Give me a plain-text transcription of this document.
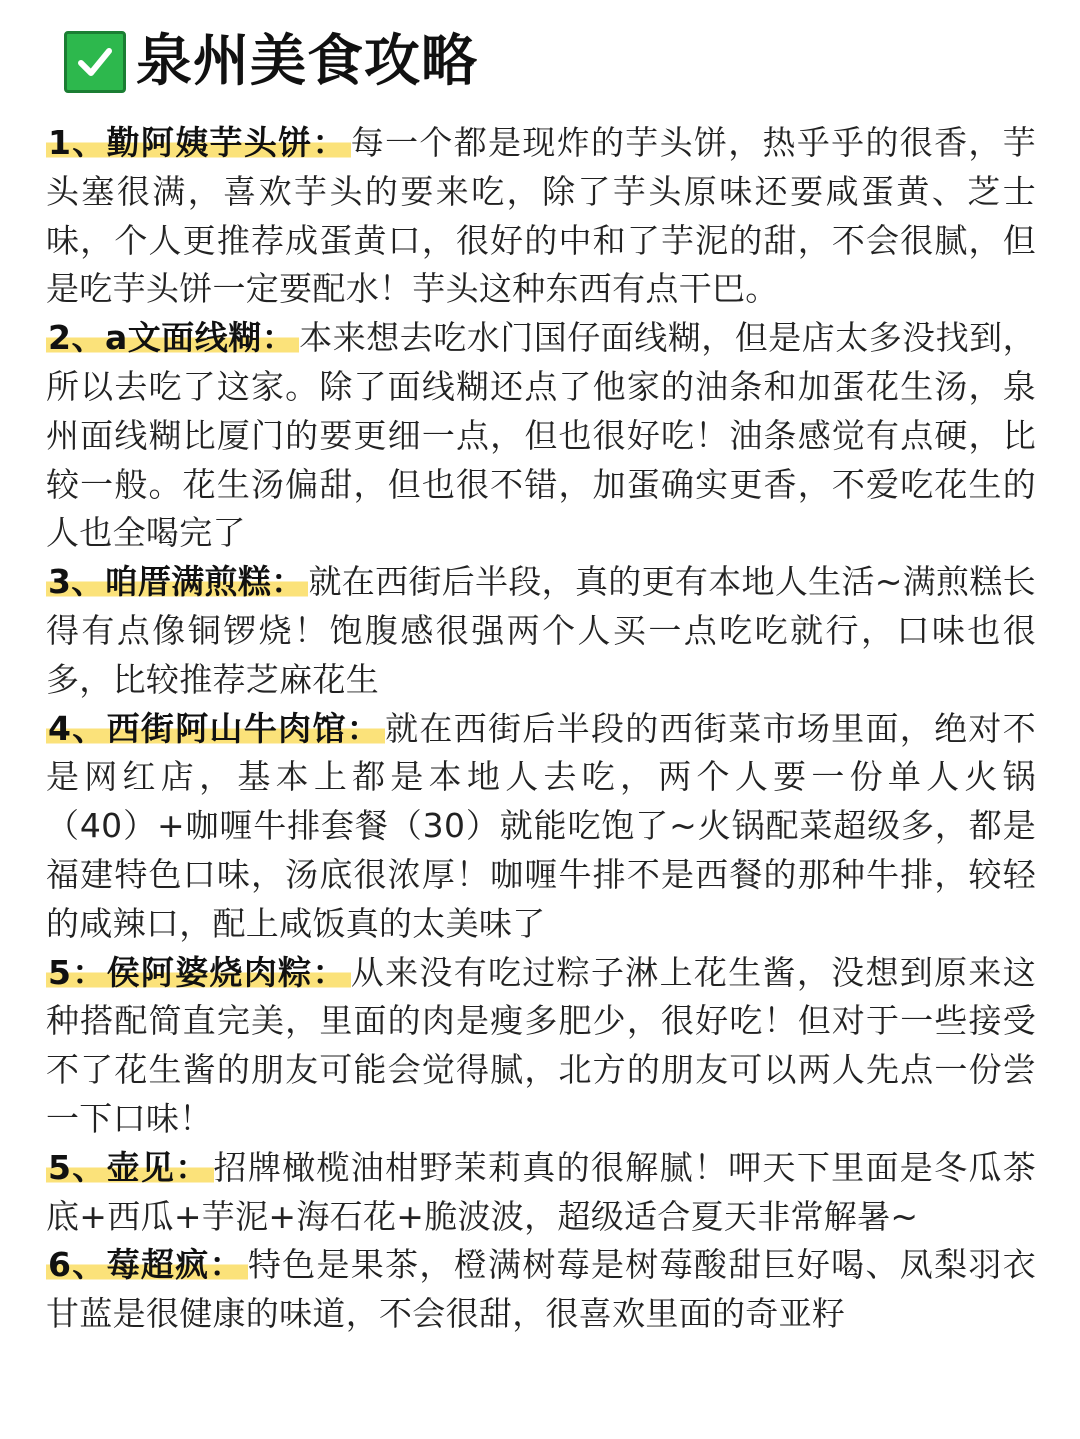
泉州美食攻略

1、勤阿姨芋头饼： 每一个都是现炸的芋头饼，热乎乎的很香，芋头塞很满，喜欢芋头的要来吃，除了芋头原味还要咸蛋黄、芝士味，个人更推荐成蛋黄口，很好的中和了芋泥的甜，不会很腻，但是吃芋头饼一定要配水！芋头这种东西有点干巴。

2、a文面线糊： 本来想去吃水门国仔面线糊，但是店太多没找到，所以去吃了这家。除了面线糊还点了他家的油条和加蛋花生汤，泉州面线糊比厦门的要更细一点，但也很好吃！油条感觉有点硬，比较一般。花生汤偏甜，但也很不错，加蛋确实更香，不爱吃花生的人也全喝完了

3、咱厝满煎糕： 就在西街后半段，真的更有本地人生活~满煎糕长得有点像铜锣烧！饱腹感很强两个人买一点吃吃就行，口味也很多，比较推荐芝麻花生

4、西街阿山牛肉馆： 就在西街后半段的西街菜市场里面，绝对不是网红店，基本上都是本地人去吃，两个人要一份单人火锅（40）+咖喱牛排套餐（30）就能吃饱了~火锅配菜超级多，都是福建特色口味，汤底很浓厚！咖喱牛排不是西餐的那种牛排，较轻的咸辣口，配上咸饭真的太美味了

5：侯阿婆烧肉粽： 从来没有吃过粽子淋上花生酱，没想到原来这种搭配简直完美，里面的肉是瘦多肥少，很好吃！但对于一些接受不了花生酱的朋友可能会觉得腻，北方的朋友可以两人先点一份尝一下口味！

5、壶见： 招牌橄榄油柑野茉莉真的很解腻！呷天下里面是冬瓜茶底+西瓜+芋泥+海石花+脆波波，超级适合夏天非常解暑~

6、莓超疯： 特色是果茶，橙满树莓是树莓酸甜巨好喝、凤梨羽衣甘蓝是很健康的味道，不会很甜，很喜欢里面的奇亚籽
